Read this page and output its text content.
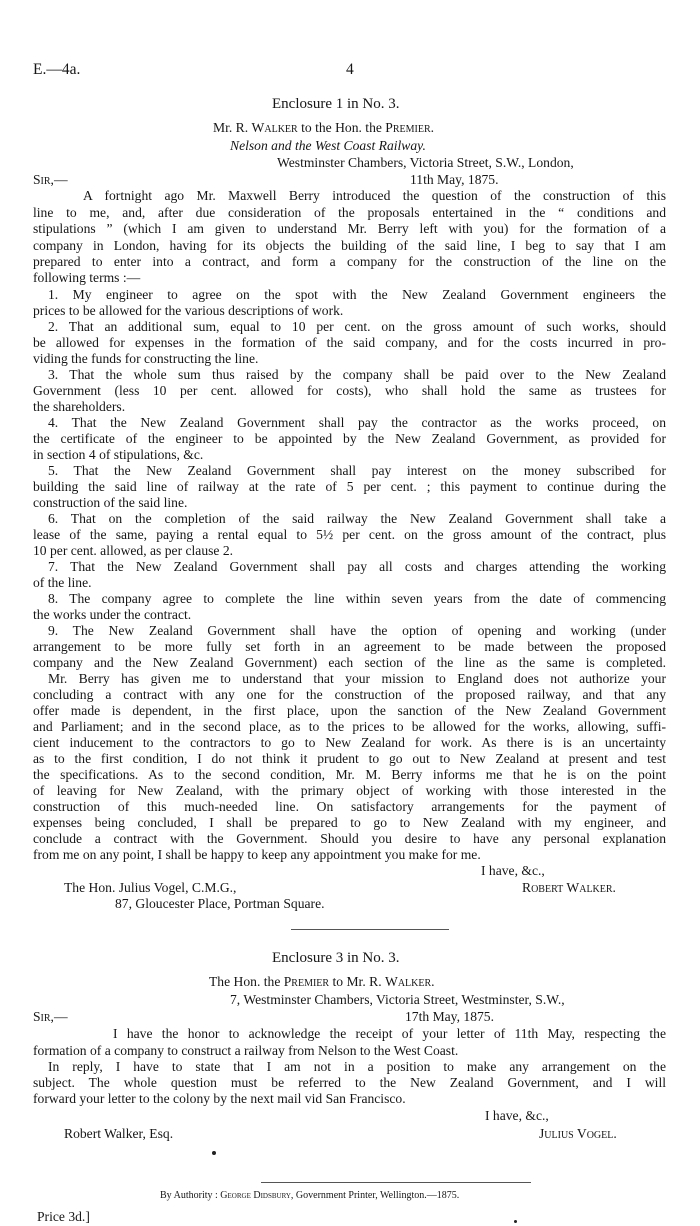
E.—4a.	4
Enclosure 1 in No. 3.
Mr. R. Walker to the Hon. the Premier.
Nelson and the West Coast Railway.
Westminster Chambers, Victoria Street, S.W., London,
Sir,—	11th May, 1875.
A fortnight ago Mr. Maxwell Berry introduced the question of the construction of this
line to me, and, after due consideration of the proposals entertained in the “ conditions and
stipulations ” (which I am given to understand Mr. Berry left with you) for the formation of a
company in London, having for its objects the building of the said line, I beg to say that I am
prepared to enter into a contract, and form a company for the construction of the line on the
following terms :—
1. My engineer to agree on the spot with the New Zealand Government engineers the
prices to be allowed for the various descriptions of work.
2. That an additional sum, equal to 10 per cent. on the gross amount of such works, should
be allowed for expenses in the formation of the said company, and for the costs incurred in pro-
viding the funds for constructing the line.
3. That the whole sum thus raised by the company shall be paid over to the New Zealand
Government (less 10 per cent. allowed for costs), who shall hold the same as trustees for
the shareholders.
4. That the New Zealand Government shall pay the contractor as the works proceed, on
the certificate of the engineer to be appointed by the New Zealand Government, as provided for
in section 4 of stipulations, &c.
5. That the New Zealand Government shall pay interest on the money subscribed for
building the said line of railway at the rate of 5 per cent. ; this payment to continue during the
construction of the said line.
6. That on the completion of the said railway the New Zealand Government shall take a
lease of the same, paying a rental equal to 5½ per cent. on the gross amount of the contract, plus
10 per cent. allowed, as per clause 2.
7. That the New Zealand Government shall pay all costs and charges attending the working
of the line.
8. The company agree to complete the line within seven years from the date of commencing
the works under the contract.
9. The New Zealand Government shall have the option of opening and working (under
arrangement to be more fully set forth in an agreement to be made between the proposed
company and the New Zealand Government) each section of the line as the same is completed.
Mr. Berry has given me to understand that your mission to England does not authorize your
concluding a contract with any one for the construction of the proposed railway, and that any
offer made is dependent, in the first place, upon the sanction of the New Zealand Government
and Parliament; and in the second place, as to the prices to be allowed for the works, allowing, suffi-
cient inducement to the contractors to go to New Zealand for work. As there is is an uncertainty
as to the first condition, I do not think it prudent to go out to New Zealand at present and test
the specifications. As to the second condition, Mr. M. Berry informs me that he is on the point
of leaving for New Zealand, with the primary object of working with those interested in the
construction of this much-needed line. On satisfactory arrangements for the payment of
expenses being concluded, I shall be prepared to go to New Zealand with my engineer, and
conclude a contract with the Government. Should you desire to have any personal explanation
from me on any point, I shall be happy to keep any appointment you make for me.
I have, &c.,
The Hon. Julius Vogel, C.M.G.,	Robert Walker.
87, Gloucester Place, Portman Square.
Enclosure 3 in No. 3.
The Hon. the Premier to Mr. R. Walker.
7, Westminster Chambers, Victoria Street, Westminster, S.W.,
Sir,—	17th May, 1875.
I have the honor to acknowledge the receipt of your letter of 11th May, respecting the
formation of a company to construct a railway from Nelson to the West Coast.
In reply, I have to state that I am not in a position to make any arrangement on the
subject. The whole question must be referred to the New Zealand Government, and I will
forward your letter to the colony by the next mail vid San Francisco.
I have, &c.,
Robert Walker, Esq.	Julius Vogel.
By Authority : George Didsbury, Government Printer, Wellington.—1875.
Price 3d.]
